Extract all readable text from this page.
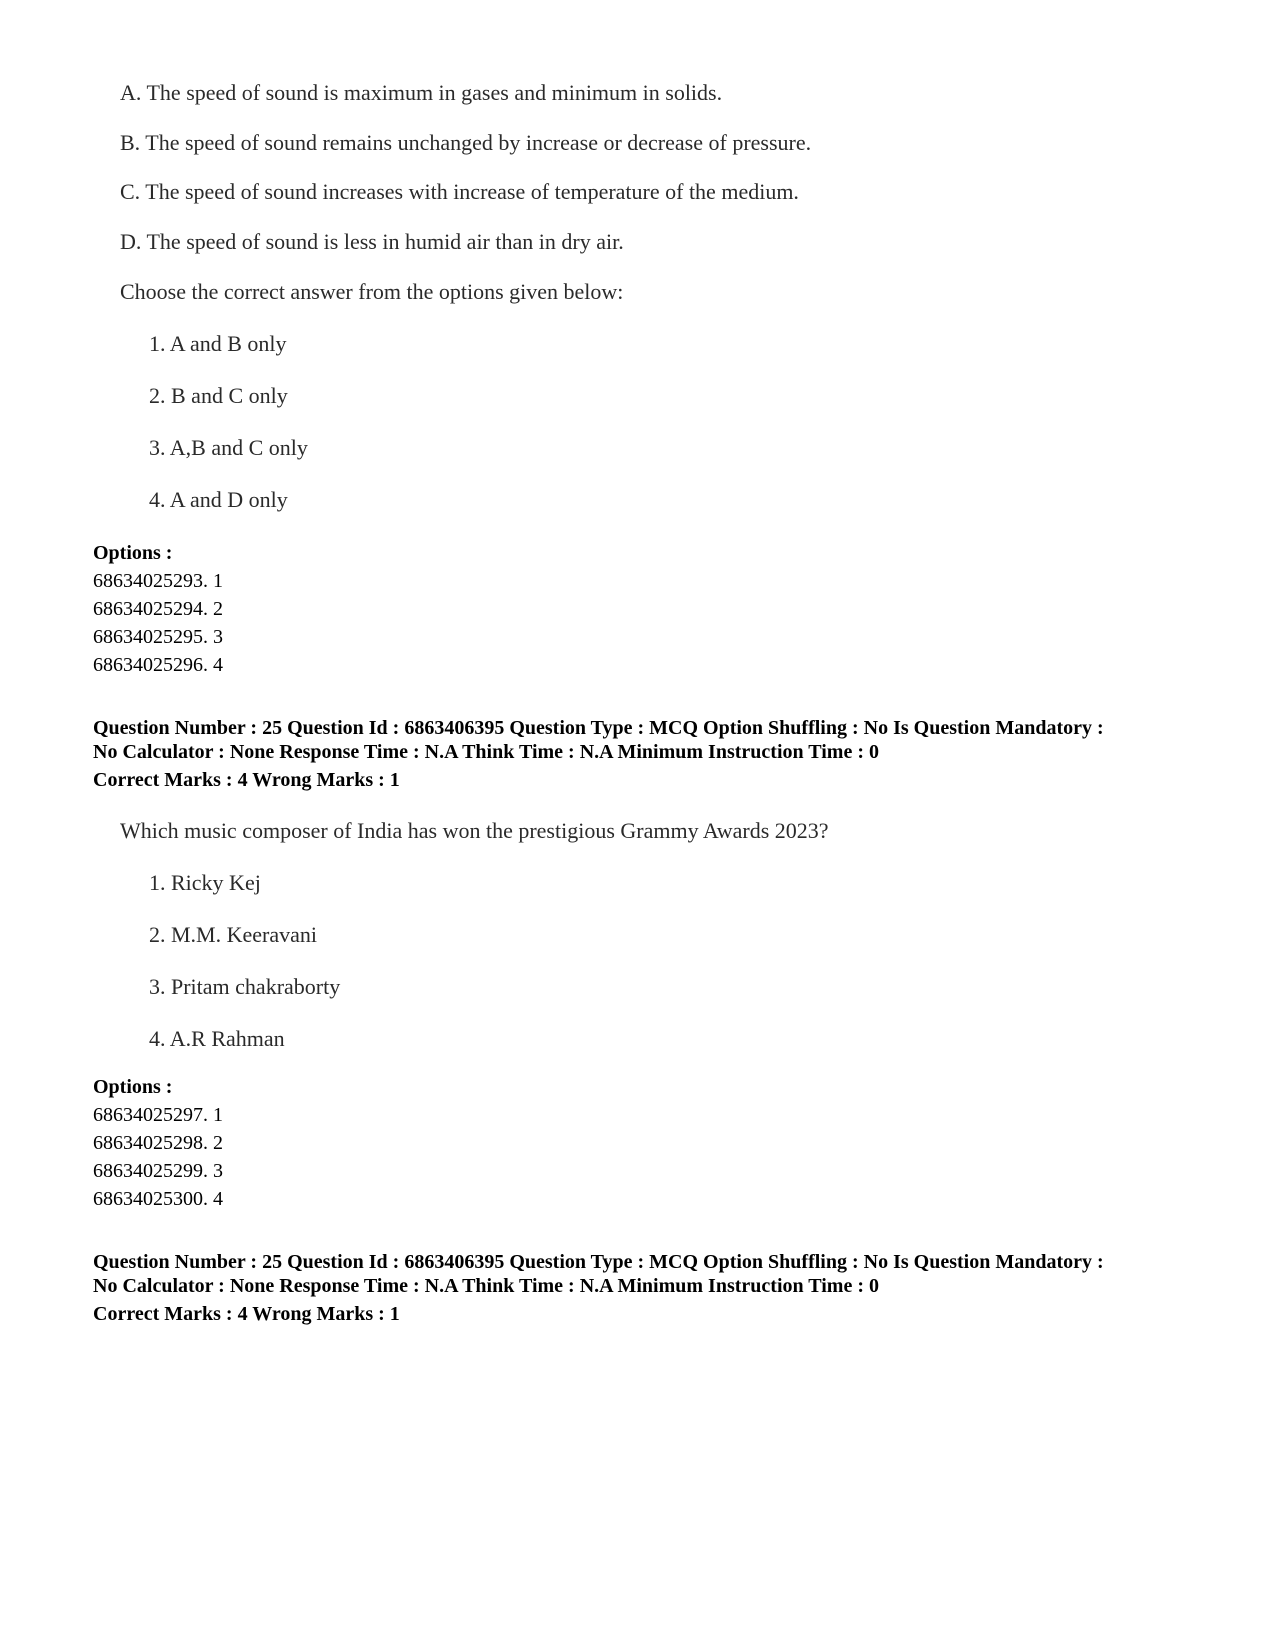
A. The speed of sound is maximum in gases and minimum in solids.
B. The speed of sound remains unchanged by increase or decrease of pressure.
C. The speed of sound increases with increase of temperature of the medium.
D. The speed of sound is less in humid air than in dry air.
Choose the correct answer from the options given below:
1. A and B only
2. B and C only
3. A,B and C only
4. A and D only
Options :
68634025293. 1
68634025294. 2
68634025295. 3
68634025296. 4
Question Number : 25 Question Id : 6863406395 Question Type : MCQ Option Shuffling : No Is Question Mandatory :
No Calculator : None Response Time : N.A Think Time : N.A Minimum Instruction Time : 0
Correct Marks : 4 Wrong Marks : 1
Which music composer of India has won the prestigious Grammy Awards 2023?
1. Ricky Kej
2. M.M. Keeravani
3. Pritam chakraborty
4. A.R Rahman
Options :
68634025297. 1
68634025298. 2
68634025299. 3
68634025300. 4
Question Number : 25 Question Id : 6863406395 Question Type : MCQ Option Shuffling : No Is Question Mandatory :
No Calculator : None Response Time : N.A Think Time : N.A Minimum Instruction Time : 0
Correct Marks : 4 Wrong Marks : 1
